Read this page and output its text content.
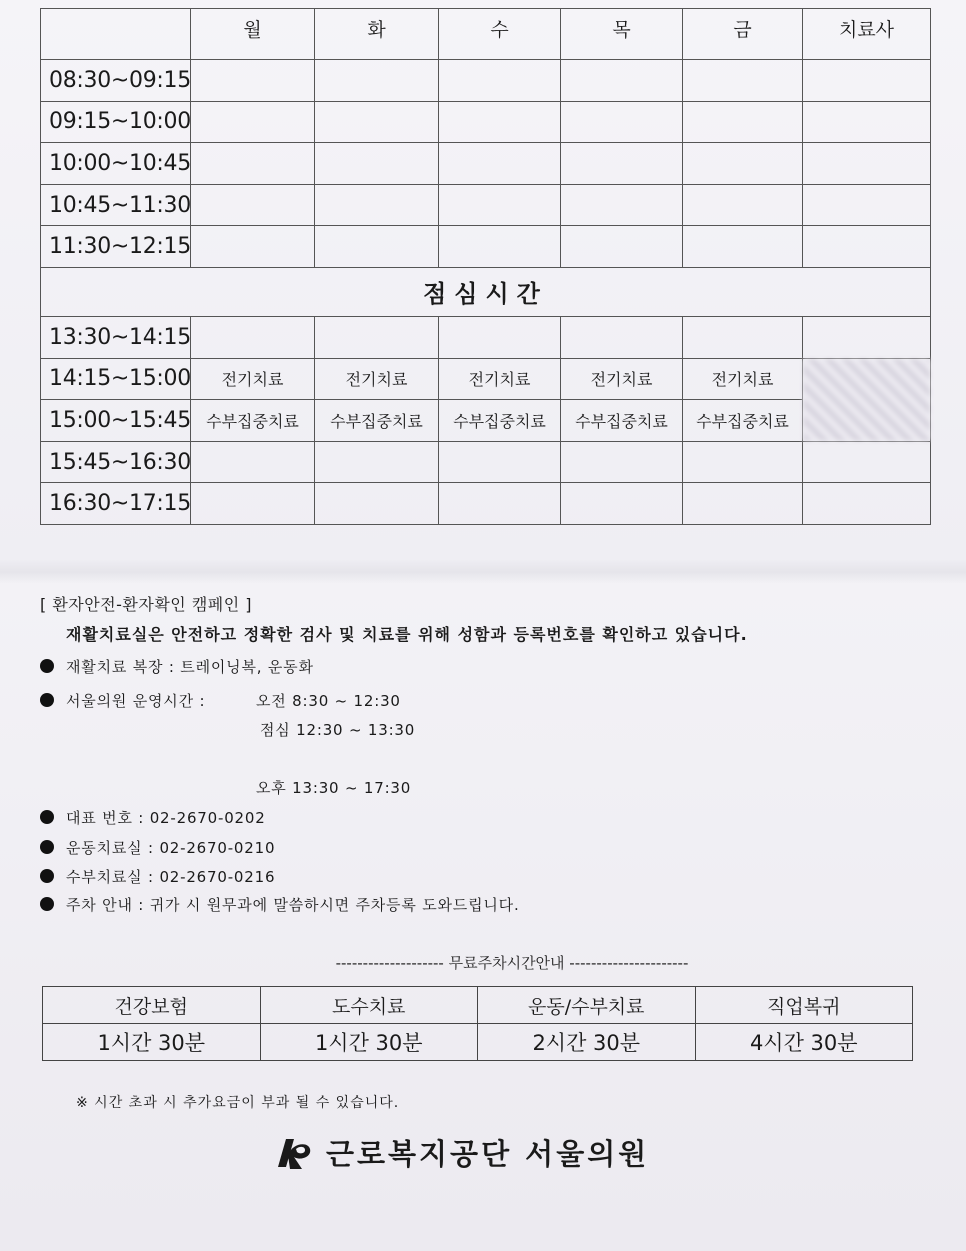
	월	화	수	목	금	치료사
08:30~09:15						
09:15~10:00						
10:00~10:45						
10:45~11:30						
11:30~12:15						
점심시간						
13:30~14:15						
14:15~15:00	전기치료	전기치료	전기치료	전기치료	전기치료	
15:00~15:45	수부집중치료	수부집중치료	수부집중치료	수부집중치료	수부집중치료	
15:45~16:30						
16:30~17:15						
[ 환자안전-환자확인 캠페인 ]
재활치료실은 안전하고 정확한 검사 및 치료를 위해 성함과 등록번호를 확인하고 있습니다.
재활치료 복장 : 트레이닝복, 운동화
서울의원 운영시간 :	오전 8:30 ~ 12:30
점심 12:30 ~ 13:30
오후 13:30 ~ 17:30
대표 번호 : 02-2670-0202
운동치료실 : 02-2670-0210
수부치료실 : 02-2670-0216
주차 안내 : 귀가 시 원무과에 말씀하시면 주차등록 도와드립니다.
-------------------- 무료주차시간안내 ----------------------
건강보험	도수치료	운동/수부치료	직업복귀
1시간 30분	1시간 30분	2시간 30분	4시간 30분
※ 시간 초과 시 추가요금이 부과 될 수 있습니다.
근로복지공단 서울의원
